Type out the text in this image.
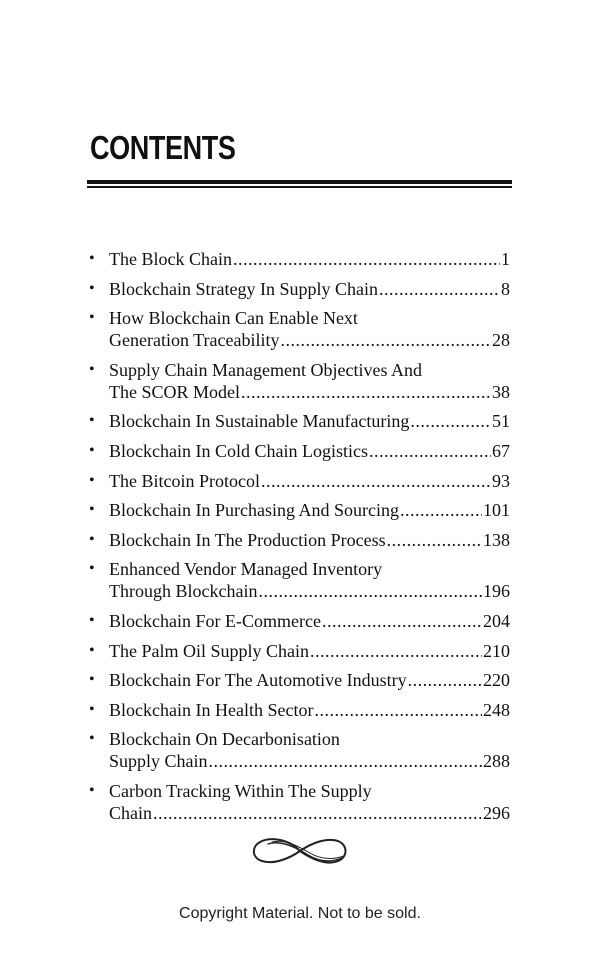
CONTENTS
• The Block Chain .....	1
• Blockchain Strategy In Supply Chain .....	8
• How Blockchain Can Enable Next
Generation Traceability .....	28
• Supply Chain Management Objectives And
The SCOR Model .....	38
• Blockchain In Sustainable Manufacturing .....	51
• Blockchain In Cold Chain Logistics .....	67
• The Bitcoin Protocol .....	93
• Blockchain In Purchasing And Sourcing .....	101
• Blockchain In The Production Process .....	138
• Enhanced Vendor Managed Inventory
Through Blockchain .....	196
• Blockchain For E-Commerce .....	204
• The Palm Oil Supply Chain .....	210
• Blockchain For The Automotive Industry .....	220
• Blockchain In Health Sector .....	248
• Blockchain On Decarbonisation
Supply Chain .....	288
• Carbon Tracking Within The Supply
Chain .....	296
Copyright Material. Not to be sold.
